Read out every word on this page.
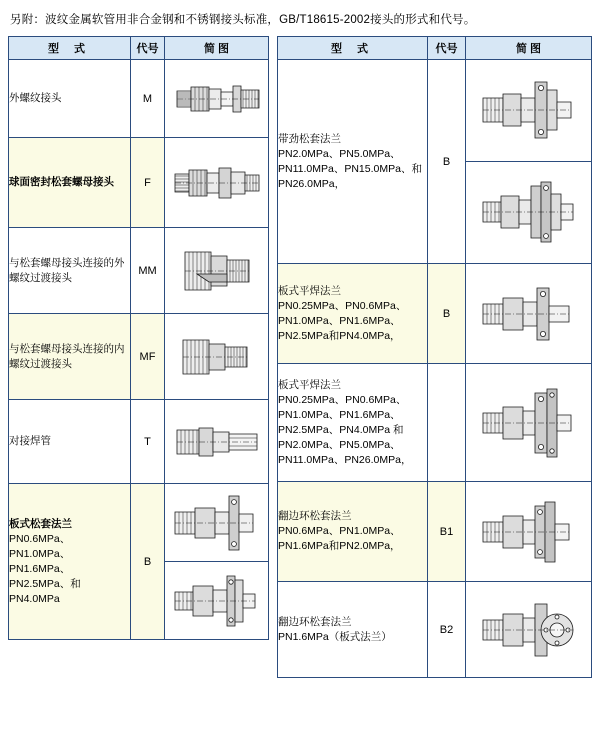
另附：波纹金属软管用非合金钢和不锈钢接头标准，GB/T18615-2002接头的形式和代号。
型 式	代号	简 图
外螺纹接头	M	

球面密封松套螺母接头	F	

与松套螺母接头连接的外螺纹过渡接头	MM	

与松套螺母接头连接的内螺纹过渡接头	MF	

对接焊管	T	

板式松套法兰
PN0.6MPa、PN1.0MPa、PN1.6MPa、PN2.5MPa、和PN4.0MPa	B	

型 式	代号	简 图
带劲松套法兰
PN2.0MPa、PN5.0MPa、PN11.0MPa、PN15.0MPa、和PN26.0MPa，	B	

板式平焊法兰
PN0.25MPa、PN0.6MPa、PN1.0MPa、PN1.6MPa、PN2.5MPa和PN4.0MPa，	B	

板式平焊法兰
PN0.25MPa、PN0.6MPa、PN1.0MPa、PN1.6MPa、PN2.5MPa、PN4.0MPa 和PN2.0MPa、PN5.0MPa、PN11.0MPa、PN26.0MPa，

翻边环松套法兰
PN0.6MPa、PN1.0MPa、PN1.6MPa和PN2.0MPa，	B1	

翻边环松套法兰
PN1.6MPa（板式法兰）	B2	
